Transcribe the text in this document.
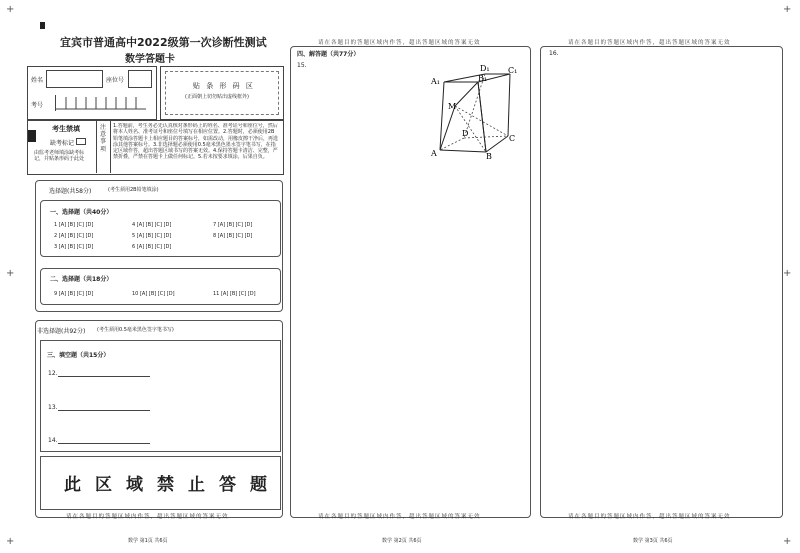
+
+
+
+
+
+
宜宾市普通高中2022级第一次诊断性测试
数学答题卡
姓名	座位号
考号
贴 条 形 码 区
(正面朝上切勿贴出虚线框外)
考生禁填
缺考标记
由监考老师填涂缺考标记，并贴条形码于此处
注意事项
1.答题前，考生务必先认真核对条形码上的姓名、准考证号和座位号，然后将本人姓名、准考证号和座位号填写在相应位置。2.答题时，必须使用2B铅笔填涂答题卡上相应题目的答案标号，如需改动，用橡皮擦干净后，再选涂其他答案标号。3.非选择题必须使用0.5毫米黑色墨水签字笔书写，在指定区域作答，超出答题区域书写的答案无效。4.保持答题卡清洁、完整，严禁折叠，严禁在答题卡上做任何标记。5.若未按要求填涂，后果自负。
选择题(共58分)	(考生须用2B铅笔填涂)
一、选择题（共40分）
1 [A] [B] [C] [D]
2 [A] [B] [C] [D]
3 [A] [B] [C] [D]
4 [A] [B] [C] [D]
5 [A] [B] [C] [D]
6 [A] [B] [C] [D]
7 [A] [B] [C] [D]
8 [A] [B] [C] [D]
二、选择题（共18分）
9 [A] [B] [C] [D]	10 [A] [B] [C] [D]	11 [A] [B] [C] [D]
非选择题(共92分) (考生须用0.5毫米黑色签字笔书写)
三、填空题（共15分）
12.
13.
14.
此区域禁止答题
请在各题目的答题区域内作答，超出答题区域的答案无效
数学 第1页 共6页
请在各题目的答题区域内作答，超出答题区域的答案无效
四、解答题（共77分）
15.
A₁
D₁
B₁
C₁
M
D
A	B
C
请在各题目的答题区域内作答，超出答题区域的答案无效
数学 第2页 共6页
请在各题目的答题区域内作答，超出答题区域的答案无效
16.
请在各题目的答题区域内作答，超出答题区域的答案无效
数学 第3页 共6页
